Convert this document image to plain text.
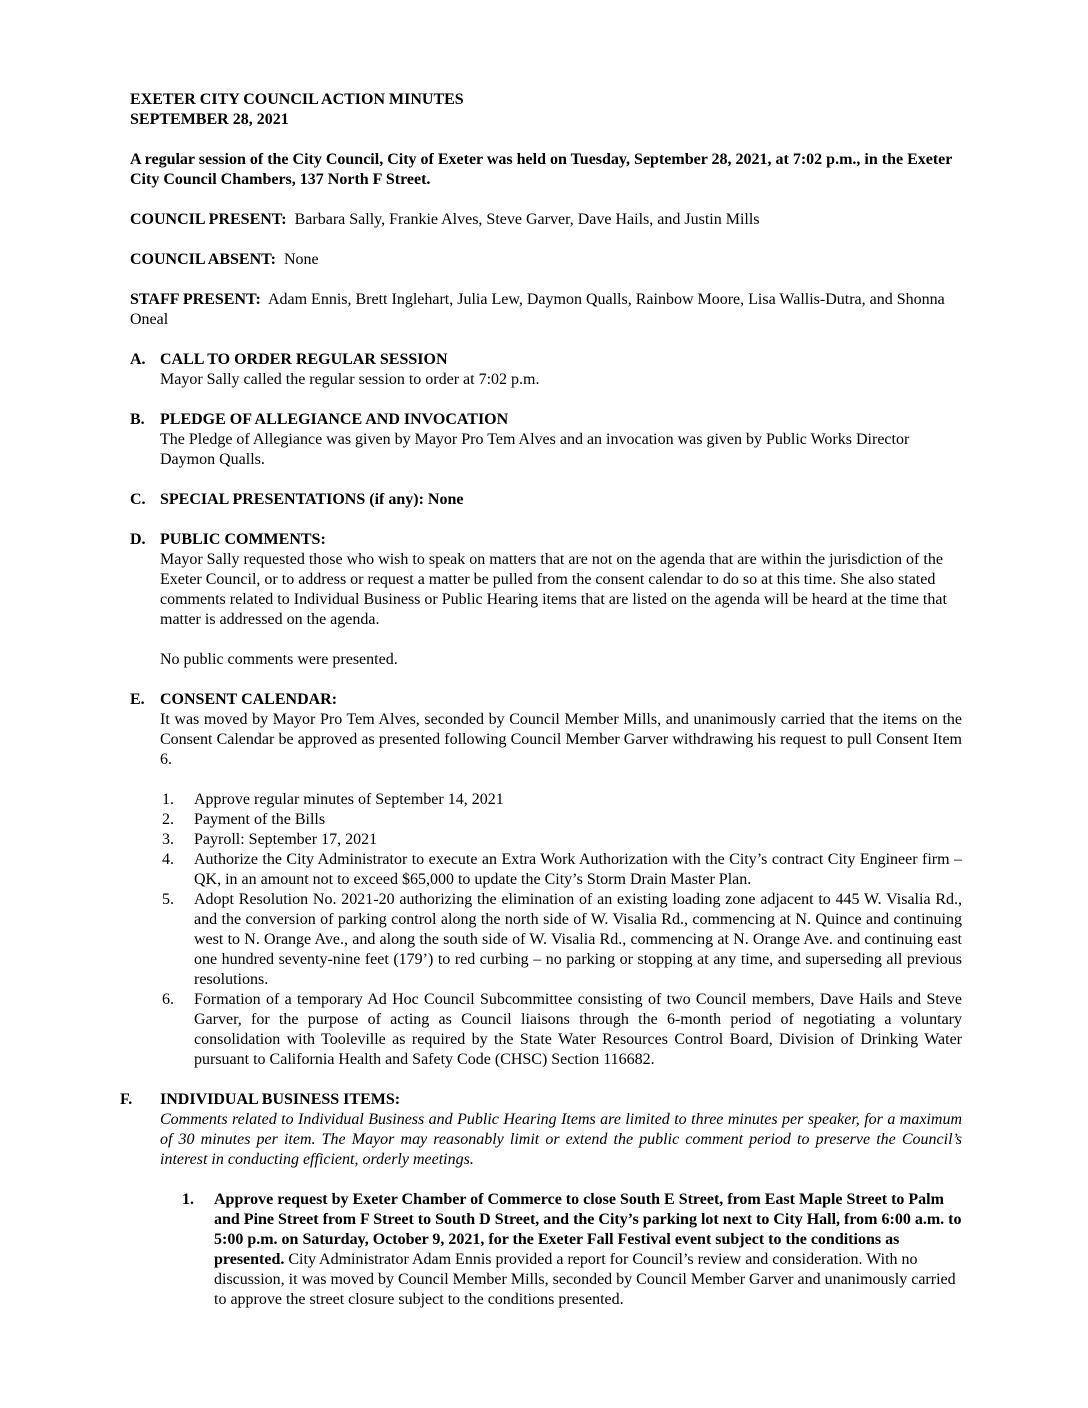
EXETER CITY COUNCIL ACTION MINUTES

SEPTEMBER 28, 2021

A regular session of the City Council, City of Exeter was held on Tuesday, September 28, 2021, at 7:02 p.m., in the Exeter City Council Chambers, 137 North F Street.

COUNCIL PRESENT: Barbara Sally, Frankie Alves, Steve Garver, Dave Hails, and Justin Mills

COUNCIL ABSENT: None

STAFF PRESENT: Adam Ennis, Brett Inglehart, Julia Lew, Daymon Qualls, Rainbow Moore, Lisa Wallis-Dutra, and Shonna Oneal

A. CALL TO ORDER REGULAR SESSION
Mayor Sally called the regular session to order at 7:02 p.m.
B. PLEDGE OF ALLEGIANCE AND INVOCATION
The Pledge of Allegiance was given by Mayor Pro Tem Alves and an invocation was given by Public Works Director Daymon Qualls.
C. SPECIAL PRESENTATIONS (if any): None
D. PUBLIC COMMENTS:
Mayor Sally requested those who wish to speak on matters that are not on the agenda that are within the jurisdiction of the Exeter Council, or to address or request a matter be pulled from the consent calendar to do so at this time. She also stated comments related to Individual Business or Public Hearing items that are listed on the agenda will be heard at the time that matter is addressed on the agenda.
No public comments were presented.
E. CONSENT CALENDAR:
It was moved by Mayor Pro Tem Alves, seconded by Council Member Mills, and unanimously carried that the items on the Consent Calendar be approved as presented following Council Member Garver withdrawing his request to pull Consent Item 6.
1.	Approve regular minutes of September 14, 2021
2.	Payment of the Bills
3.	Payroll: September 17, 2021
4.	Authorize the City Administrator to execute an Extra Work Authorization with the City’s contract City Engineer firm – QK, in an amount not to exceed $65,000 to update the City’s Storm Drain Master Plan.
5.	Adopt Resolution No. 2021-20 authorizing the elimination of an existing loading zone adjacent to 445 W. Visalia Rd., and the conversion of parking control along the north side of W. Visalia Rd., commencing at N. Quince and continuing west to N. Orange Ave., and along the south side of W. Visalia Rd., commencing at N. Orange Ave. and continuing east one hundred seventy-nine feet (179’) to red curbing – no parking or stopping at any time, and superseding all previous resolutions.
6.	Formation of a temporary Ad Hoc Council Subcommittee consisting of two Council members, Dave Hails and Steve Garver, for the purpose of acting as Council liaisons through the 6-month period of negotiating a voluntary consolidation with Tooleville as required by the State Water Resources Control Board, Division of Drinking Water pursuant to California Health and Safety Code (CHSC) Section 116682.
F.	INDIVIDUAL BUSINESS ITEMS:
Comments related to Individual Business and Public Hearing Items are limited to three minutes per speaker, for a maximum of 30 minutes per item. The Mayor may reasonably limit or extend the public comment period to preserve the Council’s interest in conducting efficient, orderly meetings.
1.	Approve request by Exeter Chamber of Commerce to close South E Street, from East Maple Street to Palm and Pine Street from F Street to South D Street, and the City’s parking lot next to City Hall, from 6:00 a.m. to 5:00 p.m. on Saturday, October 9, 2021, for the Exeter Fall Festival event subject to the conditions as presented. City Administrator Adam Ennis provided a report for Council’s review and consideration. With no discussion, it was moved by Council Member Mills, seconded by Council Member Garver and unanimously carried to approve the street closure subject to the conditions presented.
